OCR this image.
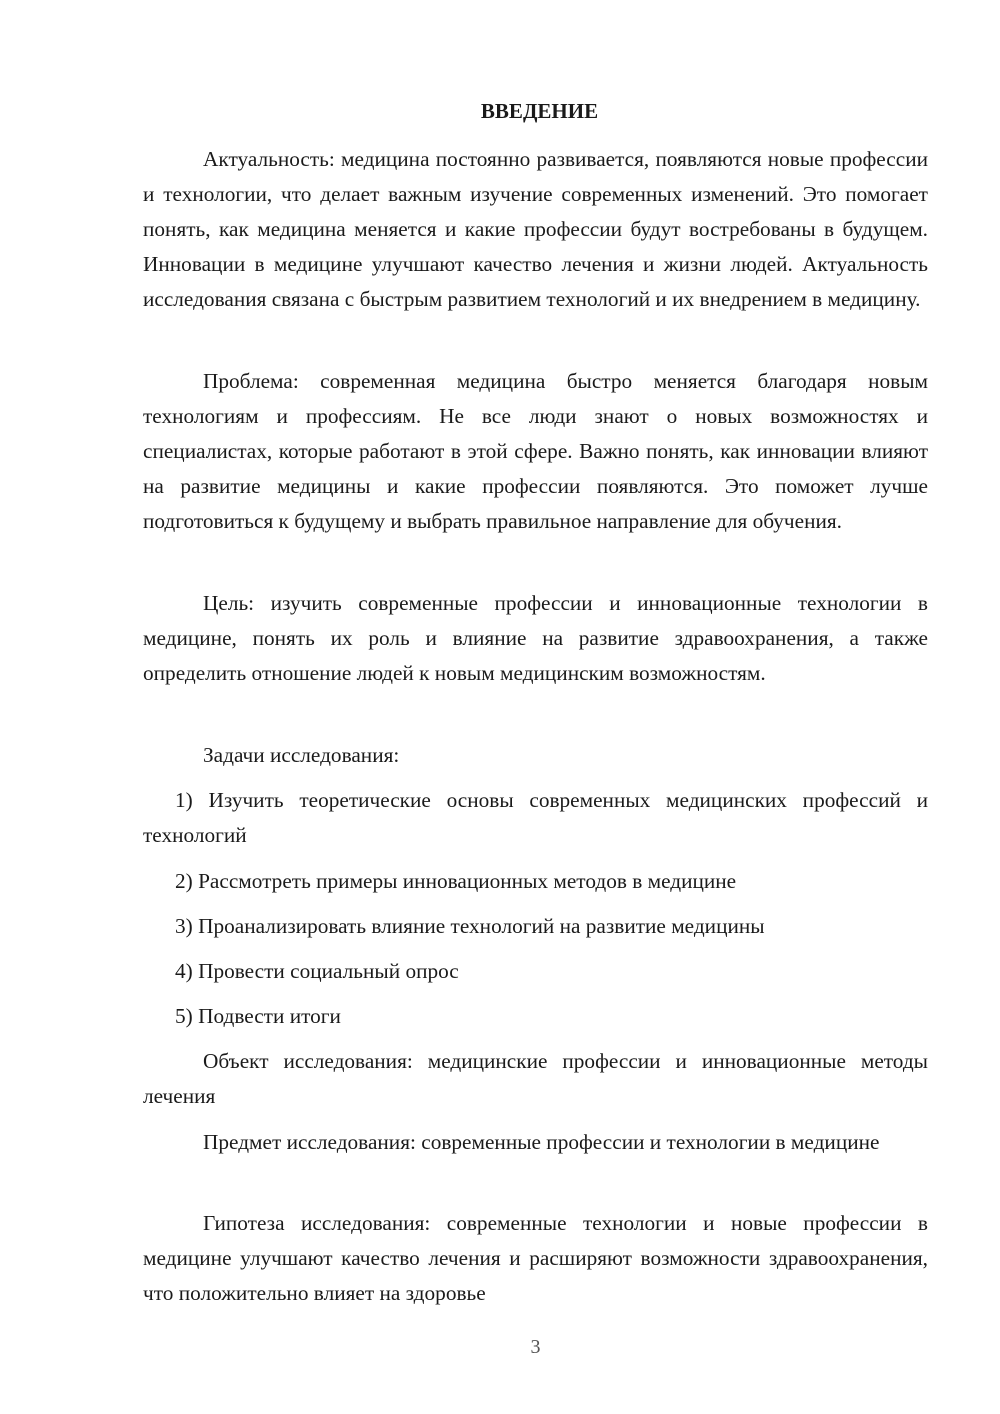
ВВЕДЕНИЕ

Актуальность: медицина постоянно развивается, появляются новые профессии и технологии, что делает важным изучение современных изменений. Это помогает понять, как медицина меняется и какие профессии будут востребованы в будущем. Инновации в медицине улучшают качество лечения и жизни людей. Актуальность исследования связана с быстрым развитием технологий и их внедрением в медицину.

Проблема: современная медицина быстро меняется благодаря новым технологиям и профессиям. Не все люди знают о новых возможностях и специалистах, которые работают в этой сфере. Важно понять, как инновации влияют на развитие медицины и какие профессии появляются. Это поможет лучше подготовиться к будущему и выбрать правильное направление для обучения.

Цель: изучить современные профессии и инновационные технологии в медицине, понять их роль и влияние на развитие здравоохранения, а также определить отношение людей к новым медицинским возможностям.

Задачи исследования:

1) Изучить теоретические основы современных медицинских профессий и технологий

2) Рассмотреть примеры инновационных методов в медицине

3) Проанализировать влияние технологий на развитие медицины

4) Провести социальный опрос

5) Подвести итоги

Объект исследования: медицинские профессии и инновационные методы лечения

Предмет исследования: современные профессии и технологии в медицине

Гипотеза исследования: современные технологии и новые профессии в медицине улучшают качество лечения и расширяют возможности здравоохранения, что положительно влияет на здоровье

3
